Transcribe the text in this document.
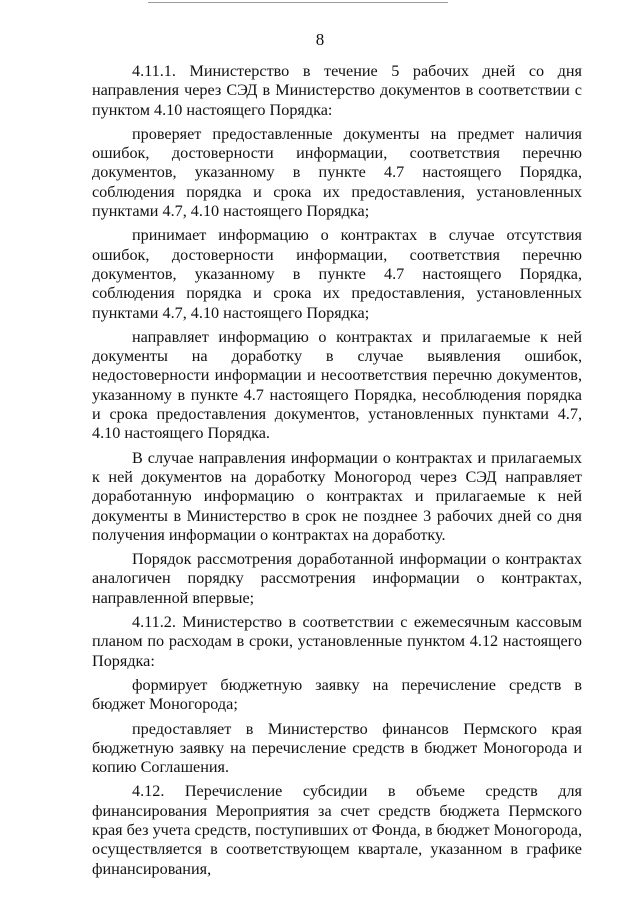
8

4.11.1. Министерство в течение 5 рабочих дней со дня направления через СЭД в Министерство документов в соответствии с пунктом 4.10 настоящего Порядка:

проверяет предоставленные документы на предмет наличия ошибок, достоверности информации, соответствия перечню документов, указанному в пункте 4.7 настоящего Порядка, соблюдения порядка и срока их предоставления, установленных пунктами 4.7, 4.10 настоящего Порядка;

принимает информацию о контрактах в случае отсутствия ошибок, достоверности информации, соответствия перечню документов, указанному в пункте 4.7 настоящего Порядка, соблюдения порядка и срока их предоставления, установленных пунктами 4.7, 4.10 настоящего Порядка;

направляет информацию о контрактах и прилагаемые к ней документы на доработку в случае выявления ошибок, недостоверности информации и несоответствия перечню документов, указанному в пункте 4.7 настоящего Порядка, несоблюдения порядка и срока предоставления документов, установленных пунктами 4.7, 4.10 настоящего Порядка.

В случае направления информации о контрактах и прилагаемых к ней документов на доработку Моногород через СЭД направляет доработанную информацию о контрактах и прилагаемые к ней документы в Министерство в срок не позднее 3 рабочих дней со дня получения информации о контрактах на доработку.

Порядок рассмотрения доработанной информации о контрактах аналогичен порядку рассмотрения информации о контрактах, направленной впервые;

4.11.2. Министерство в соответствии с ежемесячным кассовым планом по расходам в сроки, установленные пунктом 4.12 настоящего Порядка:

формирует бюджетную заявку на перечисление средств в бюджет Моногорода;

предоставляет в Министерство финансов Пермского края бюджетную заявку на перечисление средств в бюджет Моногорода и копию Соглашения.

4.12. Перечисление субсидии в объеме средств для финансирования Мероприятия за счет средств бюджета Пермского края без учета средств, поступивших от Фонда, в бюджет Моногорода, осуществляется в соответствующем квартале, указанном в графике финансирования,
